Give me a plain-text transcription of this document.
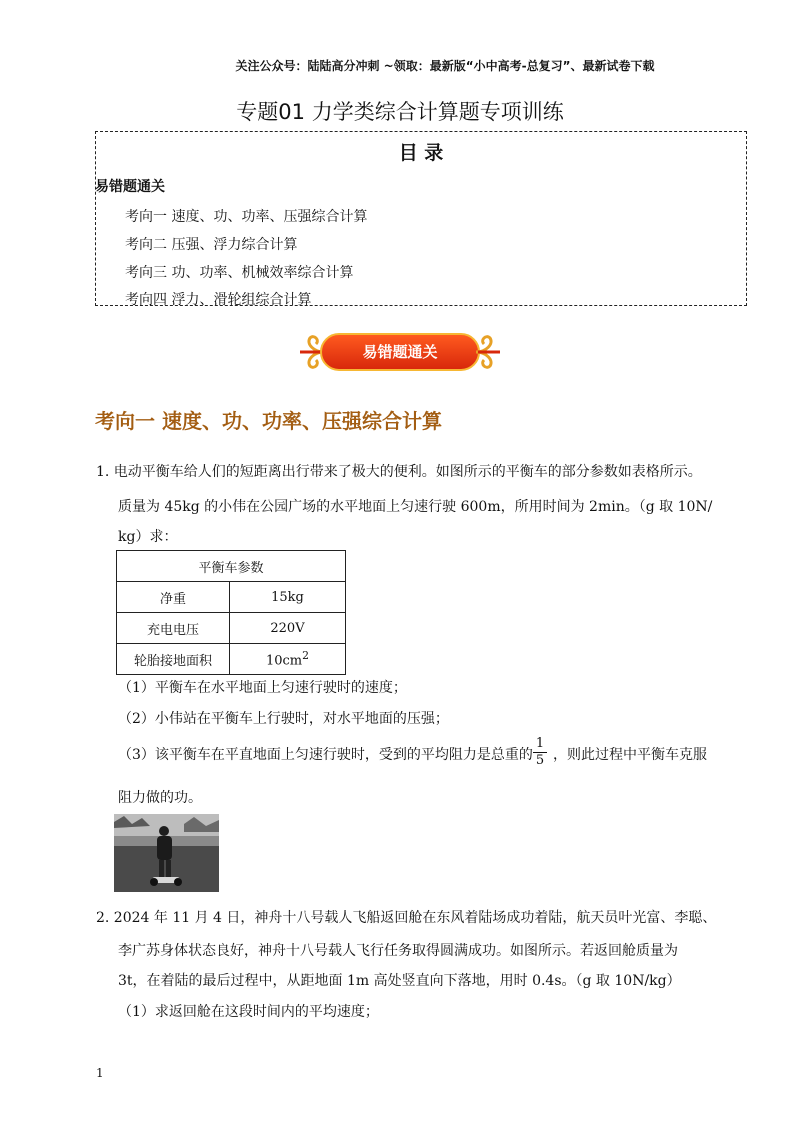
关注公众号：陆陆高分冲刺 ~领取：最新版“小中高考-总复习”、最新试卷下载
专题01 力学类综合计算题专项训练
目 录
易错题通关
考向一 速度、功、功率、压强综合计算
考向二 压强、浮力综合计算
考向三 功、功率、机械效率综合计算
考向四 浮力、滑轮组综合计算
易错题通关
考向一 速度、功、功率、压强综合计算
1. 电动平衡车给人们的短距离出行带来了极大的便利。如图所示的平衡车的部分参数如表格所示。
质量为 45kg 的小伟在公园广场的水平地面上匀速行驶 600m，所用时间为 2min。（g 取 10N/
kg）求：
平衡车参数	
净重	15kg
充电电压	220V
轮胎接地面积	$10cm^2$
（1）平衡车在水平地面上匀速行驶时的速度；
（2）小伟站在平衡车上行驶时，对水平地面的压强；
（3）该平衡车在平直地面上匀速行驶时，受到的平均阻力是总重的
1
5 ，则此过程中平衡车克服
阻力做的功。
2. 2024 年 11 月 4 日，神舟十八号载人飞船返回舱在东风着陆场成功着陆，航天员叶光富、李聪、
李广苏身体状态良好，神舟十八号载人飞行任务取得圆满成功。如图所示。若返回舱质量为
3t，在着陆的最后过程中，从距地面 1m 高处竖直向下落地，用时 0.4s。（g 取 10N/kg）
（1）求返回舱在这段时间内的平均速度；
1
